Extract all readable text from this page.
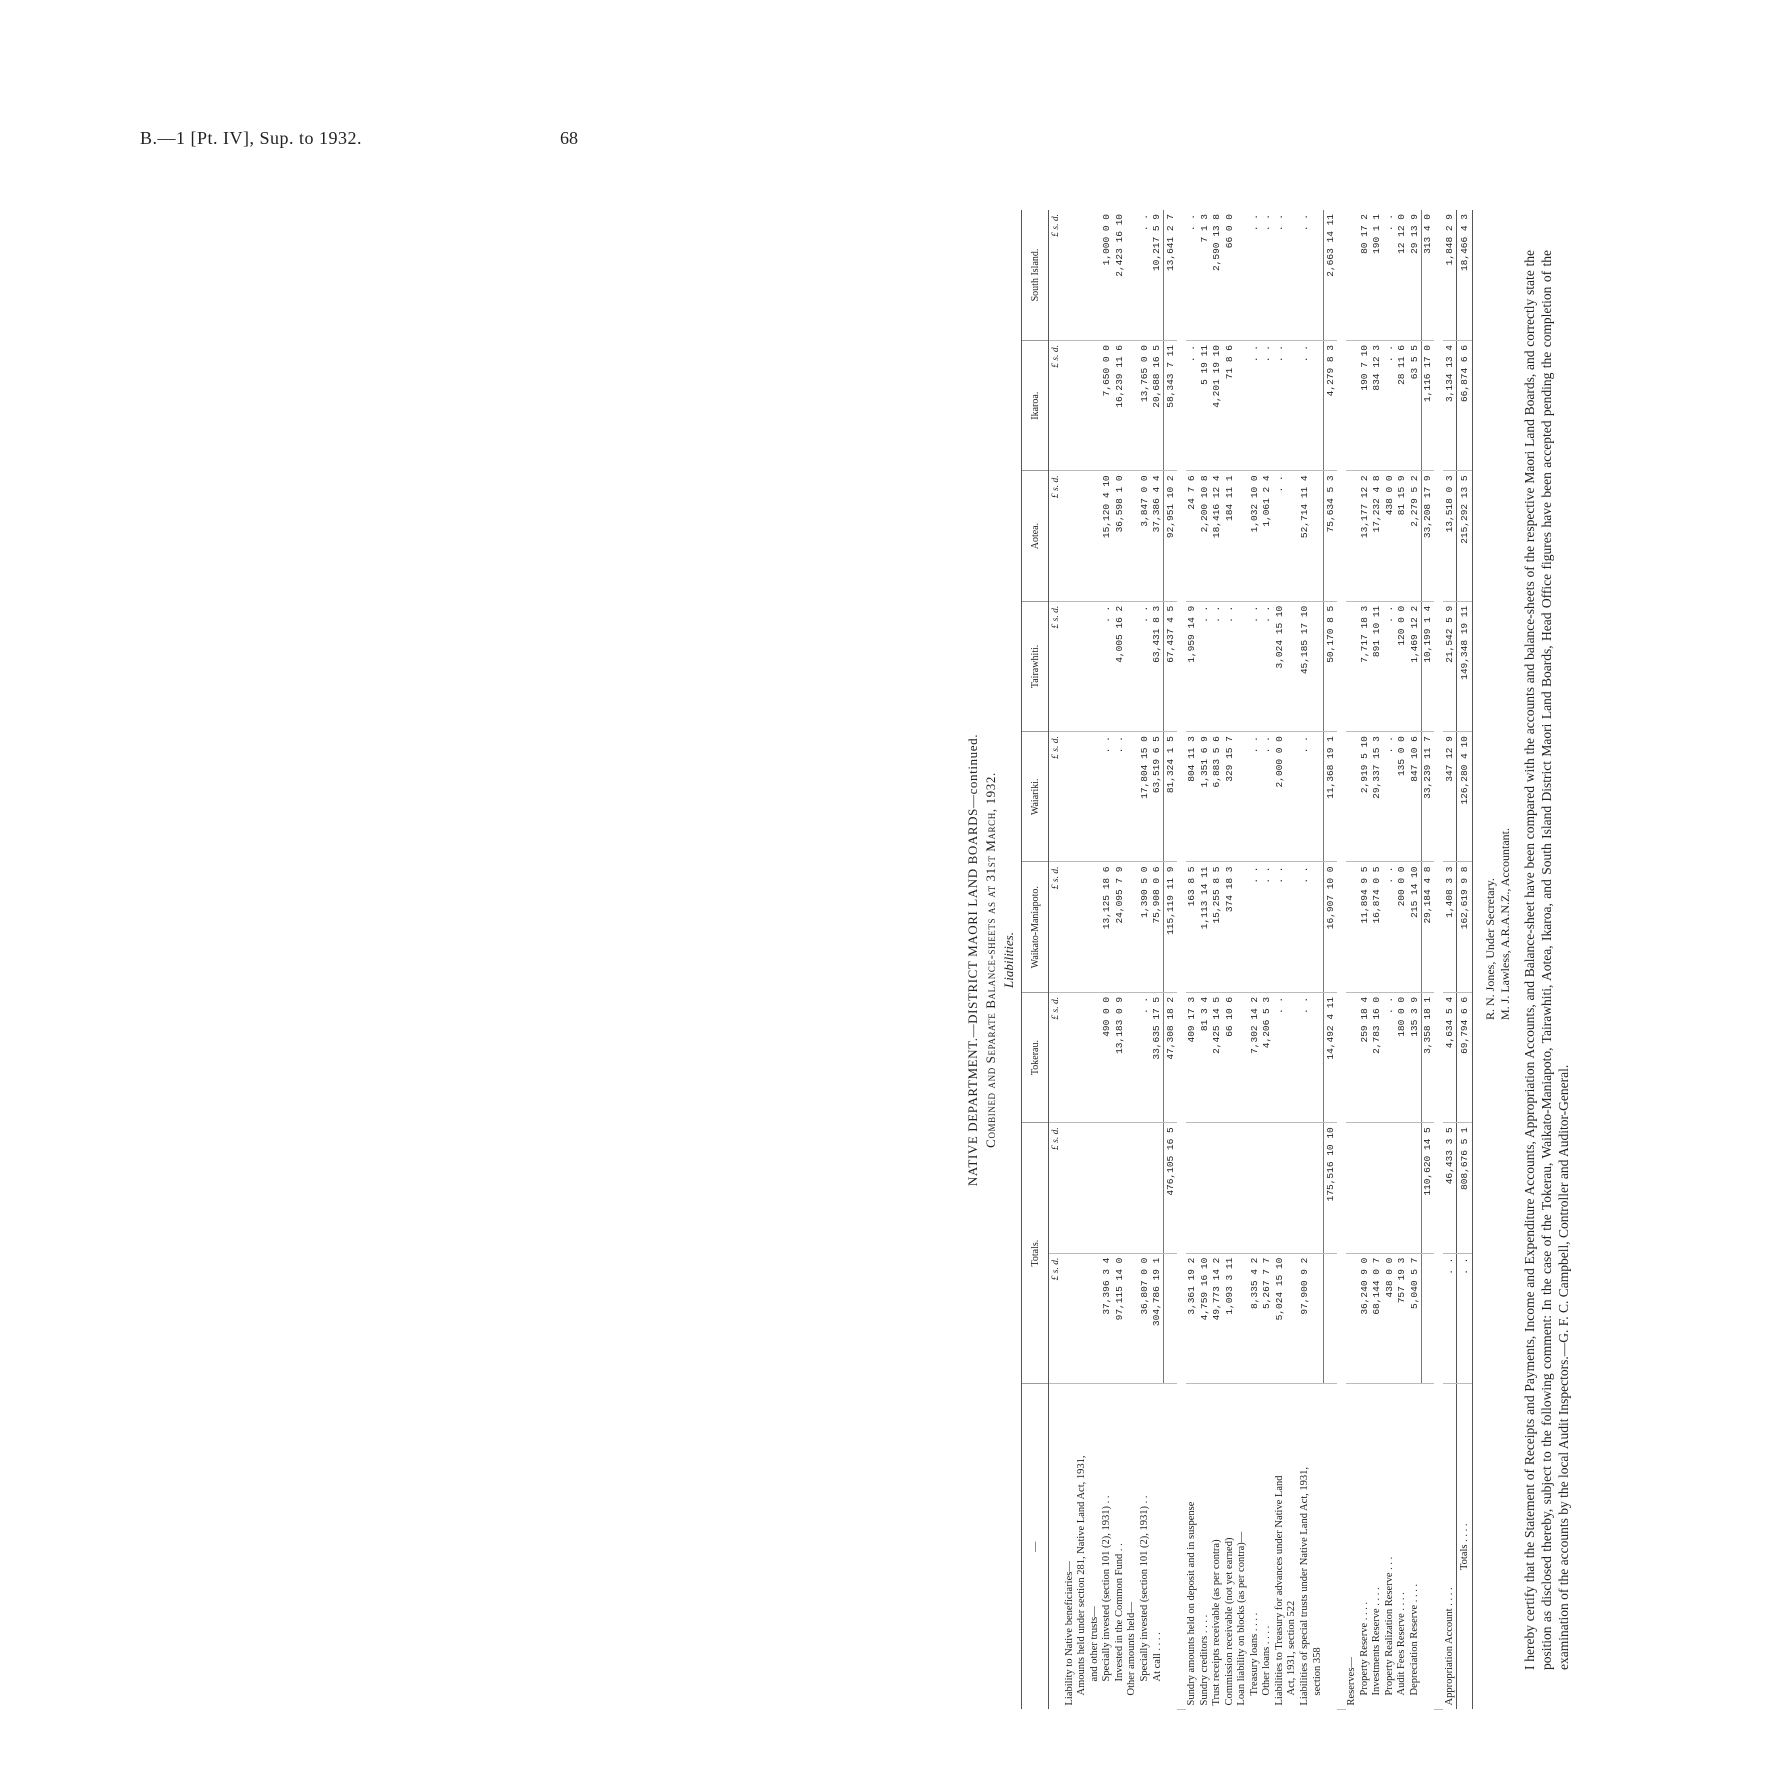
B.—1 [Pt. IV], Sup. to 1932.	68
NATIVE DEPARTMENT.—DISTRICT MAORI LAND BOARDS—continued. Combined and Separate Balance-sheets as at 31st March, 1932. Liabilities.
—	Totals.		Tokerau.	Waikato-Maniapoto.	Waiariki.	Tairawhiti.	Aotea.	Ikaroa.	South Island.
	£ s. d.	£ s. d.	£ s. d.	£ s. d.	£ s. d.	£ s. d.	£ s. d.	£ s. d.	£ s. d.
Liability to Native beneficiaries—									
Amounts held under section 281, Native Land Act, 1931,									
and other trusts—									
Specially invested (section 101 (2), 1931) . .	37,396 3 4		490 0 0	13,125 18 6	. .	. .	15,120 4 10	7,650 0 0	1,000 0 0
Invested in the Common Fund . .	97,115 14 0		13,183 0 9	24,095 7 9	. .	4,005 16 2	36,598 1 0	16,239 11 6	2,423 16 10
Other amounts held—									
Specially invested (section 101 (2), 1931) . .	36,807 0 0		. .	1,390 5 0	17,804 15 0	. .	3,847 0 0	13,765 0 0	. .
At call . . . .	304,786 19 1		33,635 17 5	75,908 0 6	63,519 6 5	63,431 8 3	37,386 4 4	20,688 16 5	10,217 5 9
		476,105 16 5	47,308 18 2	115,119 11 9	81,324 1 5	67,437 4 5	92,951 10 2	58,343 7 11	13,641 2 7

Sundry amounts held on deposit and in suspense	3,361 19 2		409 17 3	163 8 5	804 11 3	1,959 14 9	24 7 6	. .	. .
Sundry creditors . . . .	4,759 16 10		81 3 4	1,113 14 11	1,351 6 9	. .	2,200 10 8	5 19 11	7 1 3
Trust receipts receivable (as per contra)	49,773 14 2		2,425 14 5	15,255 8 5	6,883 5 6	. .	18,416 12 4	4,201 19 10	2,590 13 8
Commission receivable (not yet earned)	1,093 3 11		66 10 6	374 18 3	329 15 7	. .	184 11 1	71 8 6	66 0 0
Loan liability on blocks (as per contra)—									
Treasury loans . . . .	8,335 4 2		7,302 14 2	. .	. .	. .	1,032 10 0	. .	. .
Other loans . . . .	5,267 7 7		4,206 5 3	. .	. .	. .	1,061 2 4	. .	. .
Liabilities to Treasury for advances under Native Land	5,024 15 10		. .	. .	2,000 0 0	3,024 15 10	. .	. .	. .
Act, 1931, section 522									
Liabilities of special trusts under Native Land Act, 1931,	97,900 9 2		. .	. .	. .	45,185 17 10	52,714 11 4	. .	. .
section 358									
		175,516 10 10	14,492 4 11	16,907 10 0	11,368 19 1	50,170 8 5	75,634 5 3	4,279 8 3	2,663 14 11

Reserves—									
Property Reserve . . . .	36,240 9 0		259 18 4	11,894 9 5	2,919 5 10	7,717 18 3	13,177 12 2	190 7 10	80 17 2
Investments Reserve . . . .	68,144 0 7		2,783 16 0	16,874 0 5	29,337 15 3	891 10 11	17,232 4 8	834 12 3	190 1 1
Property Realization Reserve . . .	438 0 0		. .	. .	. .	. .	438 0 0	. .	. .
Audit Fees Reserve . . . .	757 19 3		180 0 0	200 0 0	135 0 0	120 0 0	81 15 9	28 11 6	12 12 0
Depreciation Reserve . . . .	5,040 5 7		135 3 9	215 14 10	847 10 6	1,469 12 2	2,279 5 2	63 5 5	29 13 9
		110,620 14 5	3,358 18 1	29,184 4 8	33,239 11 7	10,199 1 4	33,208 17 9	1,116 17 0	313 4 0

Appropriation Account . . . .	. .	46,433 3 5	4,634 5 4	1,408 3 3	347 12 9	21,542 5 9	13,518 0 3	3,134 13 4	1,848 2 9
Totals . . . .	. .	808,676 5 1	69,794 6 6	162,619 9 8	126,280 4 10	149,348 19 11	215,292 13 5	66,874 6 6	18,466 4 3
R. N. Jones, Under Secretary. M. J. Lawless, A.R.A.N.Z., Accountant. I hereby certify that the Statement of Receipts and Payments, Income and Expenditure Accounts, Appropriation Accounts, and Balance-sheet have been compared with the accounts and balance-sheets of the respective Maori Land Boards, and correctly state the position as disclosed thereby, subject to the following comment: In the case of the Tokerau, Waikato-Maniapoto, Tairawhiti, Aotea, Ikaroa, and South Island District Maori Land Boards, Head Office figures have been accepted pending the completion of the examination of the accounts by the local Audit Inspectors.—G. F. C. Campbell, Controller and Auditor-General.
